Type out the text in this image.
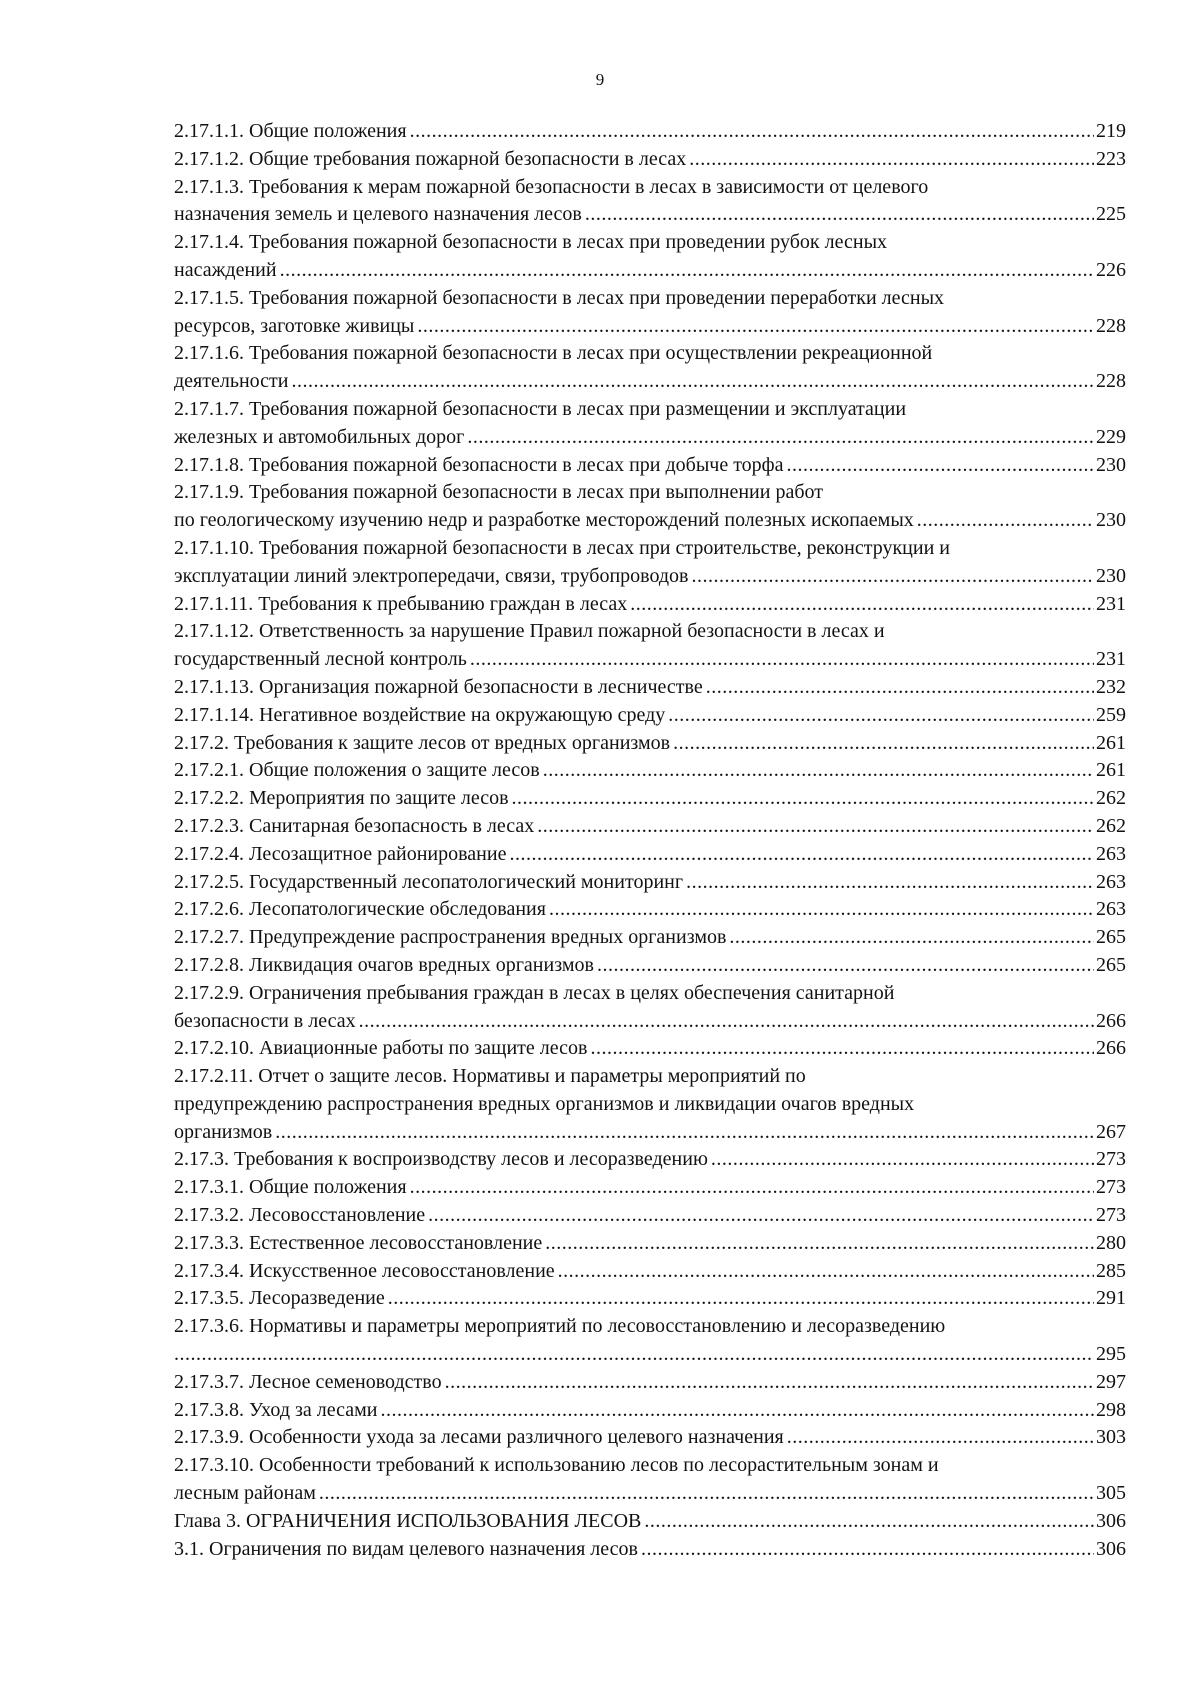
9
2.17.1.1. Общие положения .....	219
2.17.1.2. Общие требования пожарной безопасности в лесах .....	223
2.17.1.3. Требования к мерам пожарной безопасности в лесах в зависимости от целевого
назначения земель и целевого назначения лесов .....	225
2.17.1.4. Требования пожарной безопасности в лесах при проведении рубок лесных
насаждений .....	226
2.17.1.5. Требования пожарной безопасности в лесах при проведении переработки лесных
ресурсов, заготовке живицы .....	228
2.17.1.6. Требования пожарной безопасности в лесах при осуществлении рекреационной
деятельности .....	228
2.17.1.7. Требования пожарной безопасности в лесах при размещении и эксплуатации
железных и автомобильных дорог .....	229
2.17.1.8. Требования пожарной безопасности в лесах при добыче торфа .....	230
2.17.1.9. Требования пожарной безопасности в лесах при выполнении работ
по геологическому изучению недр и разработке месторождений полезных ископаемых .....	230
2.17.1.10. Требования пожарной безопасности в лесах при строительстве, реконструкции и
эксплуатации линий электропередачи, связи, трубопроводов .....	230
2.17.1.11. Требования к пребыванию граждан в лесах .....	231
2.17.1.12. Ответственность за нарушение Правил пожарной безопасности в лесах и
государственный лесной контроль .....	231
2.17.1.13. Организация пожарной безопасности в лесничестве .....	232
2.17.1.14. Негативное воздействие на окружающую среду .....	259
2.17.2. Требования к защите лесов от вредных организмов .....	261
2.17.2.1. Общие положения о защите лесов .....	261
2.17.2.2. Мероприятия по защите лесов .....	262
2.17.2.3. Санитарная безопасность в лесах .....	262
2.17.2.4. Лесозащитное районирование .....	263
2.17.2.5. Государственный лесопатологический мониторинг .....	263
2.17.2.6. Лесопатологические обследования .....	263
2.17.2.7. Предупреждение распространения вредных организмов .....	265
2.17.2.8. Ликвидация очагов вредных организмов .....	265
2.17.2.9. Ограничения пребывания граждан в лесах в целях обеспечения санитарной
безопасности в лесах .....	266
2.17.2.10. Авиационные работы по защите лесов .....	266
2.17.2.11. Отчет о защите лесов. Нормативы и параметры мероприятий по
предупреждению распространения вредных организмов и ликвидации очагов вредных
организмов .....	267
2.17.3. Требования к воспроизводству лесов и лесоразведению .....	273
2.17.3.1. Общие положения .....	273
2.17.3.2. Лесовосстановление .....	273
2.17.3.3. Естественное лесовосстановление .....	280
2.17.3.4. Искусственное лесовосстановление .....	285
2.17.3.5. Лесоразведение .....	291
2.17.3.6. Нормативы и параметры мероприятий по лесовосстановлению и лесоразведению
.....
295
2.17.3.7. Лесное семеноводство .....	297
2.17.3.8. Уход за лесами .....	298
2.17.3.9. Особенности ухода за лесами различного целевого назначения .....	303
2.17.3.10. Особенности требований к использованию лесов по лесорастительным зонам и
лесным районам .....	305
Глава 3. ОГРАНИЧЕНИЯ ИСПОЛЬЗОВАНИЯ ЛЕСОВ .....	306
3.1. Ограничения по видам целевого назначения лесов .....	306
